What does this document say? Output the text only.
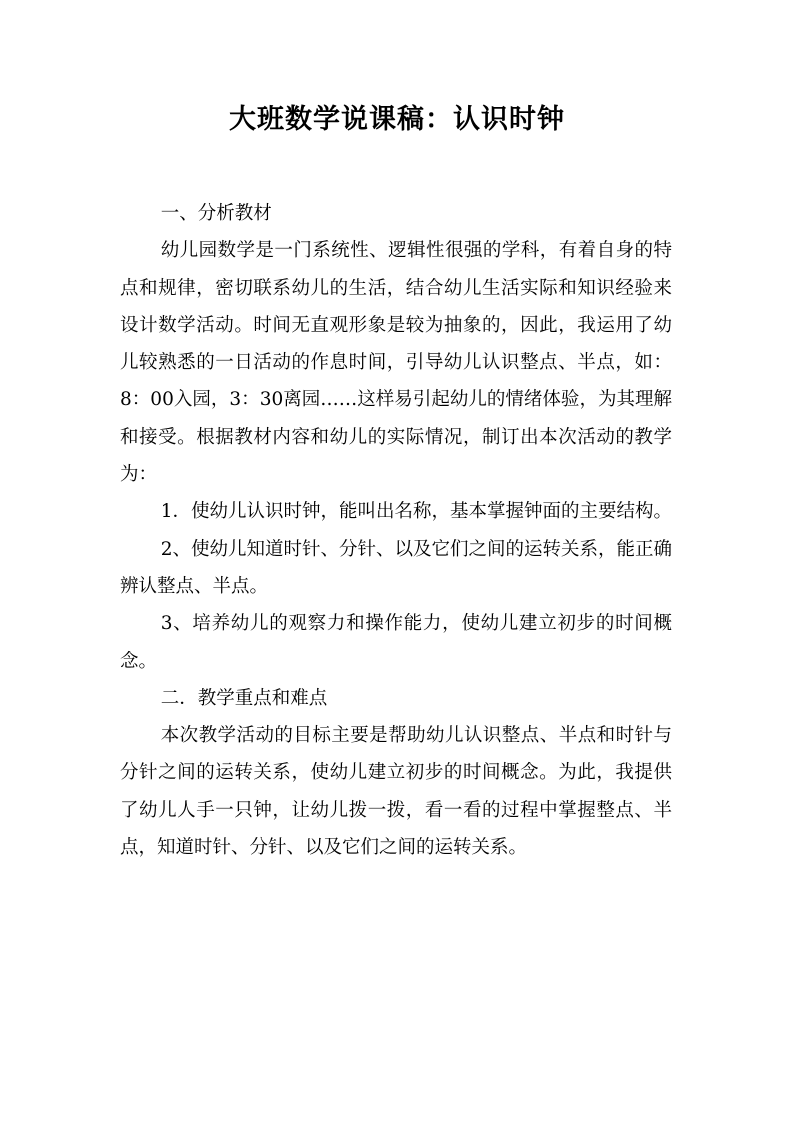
大班数学说课稿：认识时钟

一、分析教材

幼儿园数学是一门系统性、逻辑性很强的学科，有着自身的特点和规律，密切联系幼儿的生活，结合幼儿生活实际和知识经验来设计数学活动。时间无直观形象是较为抽象的，因此，我运用了幼儿较熟悉的一日活动的作息时间，引导幼儿认识整点、半点，如：8：00入园，3：30离园……这样易引起幼儿的情绪体验，为其理解和接受。根据教材内容和幼儿的实际情况，制订出本次活动的教学为：

1．使幼儿认识时钟，能叫出名称，基本掌握钟面的主要结构。

2、使幼儿知道时针、分针、以及它们之间的运转关系，能正确辨认整点、半点。

3、培养幼儿的观察力和操作能力，使幼儿建立初步的时间概念。

二．教学重点和难点

本次教学活动的目标主要是帮助幼儿认识整点、半点和时针与分针之间的运转关系，使幼儿建立初步的时间概念。为此，我提供了幼儿人手一只钟，让幼儿拨一拨，看一看的过程中掌握整点、半点，知道时针、分针、以及它们之间的运转关系。
